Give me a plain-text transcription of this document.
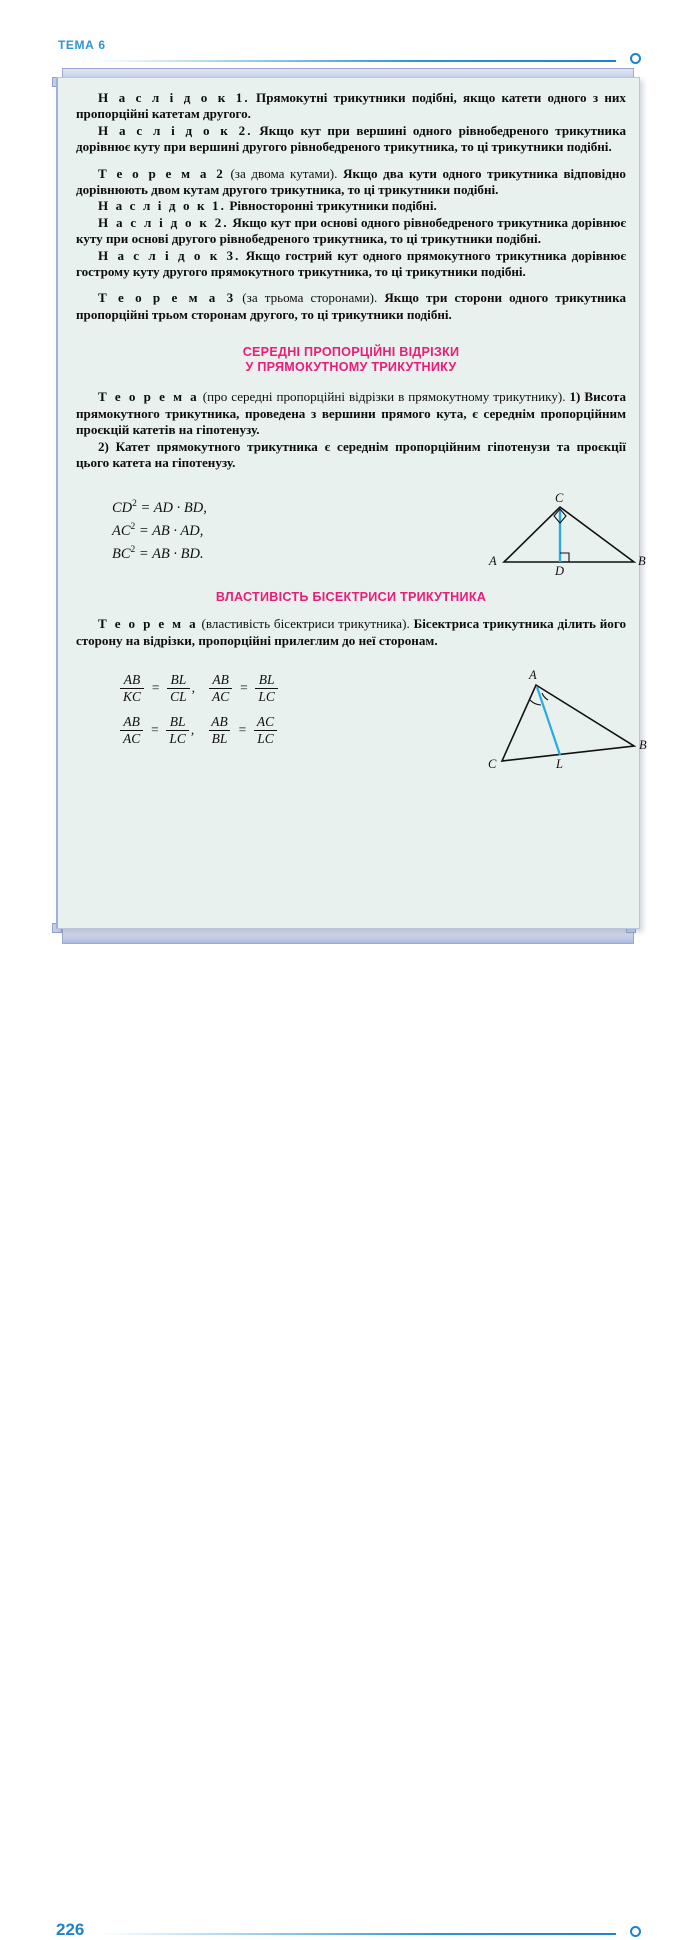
ТЕМА 6

Н а с л і д о к 1. Прямокутні трикутники подібні, якщо катети одного з них пропорційні катетам другого.

Н а с л і д о к 2. Якщо кут при вершині одного рівнобедреного трикутника дорівнює куту при вершині другого рівнобедреного трикутника, то ці трикутники подібні.

Т е о р е м а 2 (за двома кутами). Якщо два кути одного трикутника відповідно дорівнюють двом кутам другого трикутника, то ці трикутники подібні.

Н а с л і д о к 1. Рівносторонні трикутники подібні.

Н а с л і д о к 2. Якщо кут при основі одного рівнобедреного трикутника дорівнює куту при основі другого рівнобедреного трикутника, то ці трикутники подібні.

Н а с л і д о к 3. Якщо гострий кут одного прямокутного трикутника дорівнює гострому куту другого прямокутного трикутника, то ці трикутники подібні.

Т е о р е м а 3 (за трьома сторонами). Якщо три сторони одного трикутника пропорційні трьом сторонам другого, то ці трикутники подібні.

СЕРЕДНІ ПРОПОРЦІЙНІ ВІДРІЗКИ
У ПРЯМОКУТНОМУ ТРИКУТНИКУ

Т е о р е м а (про середні пропорційні відрізки в прямокутному трикутнику). 1) Висота прямокутного трикутника, проведена з вершини прямого кута, є середнім пропорційним проєкцій катетів на гіпотенузу.

2) Катет прямокутного трикутника є середнім пропорційним гіпотенузи та проєкції цього катета на гіпотенузу.

$CD^2$ = AD · BD,
$AC^2$ = AB · AD,
$BC^2$ = AB · BD.
C
A	B
D
ВЛАСТИВІСТЬ БІСЕКТРИСИ ТРИКУТНИКА

Т е о р е м а (властивість бісектриси трикутника). Бісектриса трикутника ділить його сторону на відрізки, пропорційні прилеглим до неї сторонам.

$\frac{AB}{KC} = \frac{BL}{CL}$ , $\frac{AB}{AC} = \frac{BL}{LC}$
$\frac{AB}{AC} = \frac{BL}{LC}$ , $\frac{AB}{BL} = \frac{AC}{LC}$
A
B
C	L
226
